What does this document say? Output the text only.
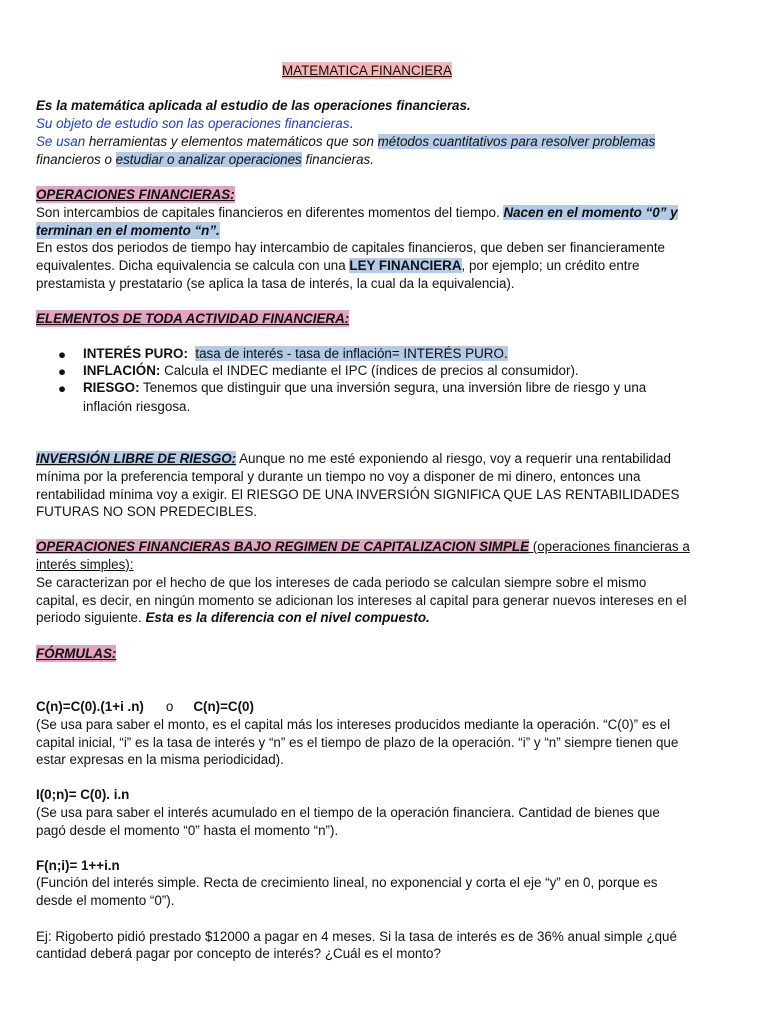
MATEMATICA FINANCIERA
Es la matemática aplicada al estudio de las operaciones financieras.
Su objeto de estudio son las operaciones financieras.
Se usan herramientas y elementos matemáticos que son métodos cuantitativos para resolver problemas
financieros o estudiar o analizar operaciones financieras.
OPERACIONES FINANCIERAS:
Son intercambios de capitales financieros en diferentes momentos del tiempo. Nacen en el momento “0” y
terminan en el momento “n”.
En estos dos periodos de tiempo hay intercambio de capitales financieros, que deben ser financieramente
equivalentes. Dicha equivalencia se calcula con una LEY FINANCIERA, por ejemplo; un crédito entre
prestamista y prestatario (se aplica la tasa de interés, la cual da la equivalencia).
ELEMENTOS DE TODA ACTIVIDAD FINANCIERA:
● INTERÉS PURO: tasa de interés - tasa de inflación= INTERÉS PURO.
● INFLACIÓN: Calcula el INDEC mediante el IPC (índices de precios al consumidor).
● RIESGO: Tenemos que distinguir que una inversión segura, una inversión libre de riesgo y una
inflación riesgosa.
INVERSIÓN LIBRE DE RIESGO: Aunque no me esté exponiendo al riesgo, voy a requerir una rentabilidad
mínima por la preferencia temporal y durante un tiempo no voy a disponer de mi dinero, entonces una
rentabilidad mínima voy a exigir. El RIESGO DE UNA INVERSIÓN SIGNIFICA QUE LAS RENTABILIDADES
FUTURAS NO SON PREDECIBLES.
OPERACIONES FINANCIERAS BAJO REGIMEN DE CAPITALIZACION SIMPLE (operaciones financieras a
interés simples):
Se caracterizan por el hecho de que los intereses de cada periodo se calculan siempre sobre el mismo
capital, es decir, en ningún momento se adicionan los intereses al capital para generar nuevos intereses en el
periodo siguiente. Esta es la diferencia con el nivel compuesto.
FÓRMULAS:
C(n)=C(0).(1+i .n) o C(n)=C(0)
(Se usa para saber el monto, es el capital más los intereses producidos mediante la operación. “C(0)” es el
capital inicial, “i” es la tasa de interés y “n” es el tiempo de plazo de la operación. “i” y “n” siempre tienen que
estar expresas en la misma periodicidad).
I(0;n)= C(0). i.n
(Se usa para saber el interés acumulado en el tiempo de la operación financiera. Cantidad de bienes que
pagó desde el momento “0” hasta el momento “n”).
F(n;i)= 1++i.n
(Función del interés simple. Recta de crecimiento lineal, no exponencial y corta el eje “y” en 0, porque es
desde el momento “0”).
Ej: Rigoberto pidió prestado $12000 a pagar en 4 meses. Si la tasa de interés es de 36% anual simple ¿qué
cantidad deberá pagar por concepto de interés? ¿Cuál es el monto?
